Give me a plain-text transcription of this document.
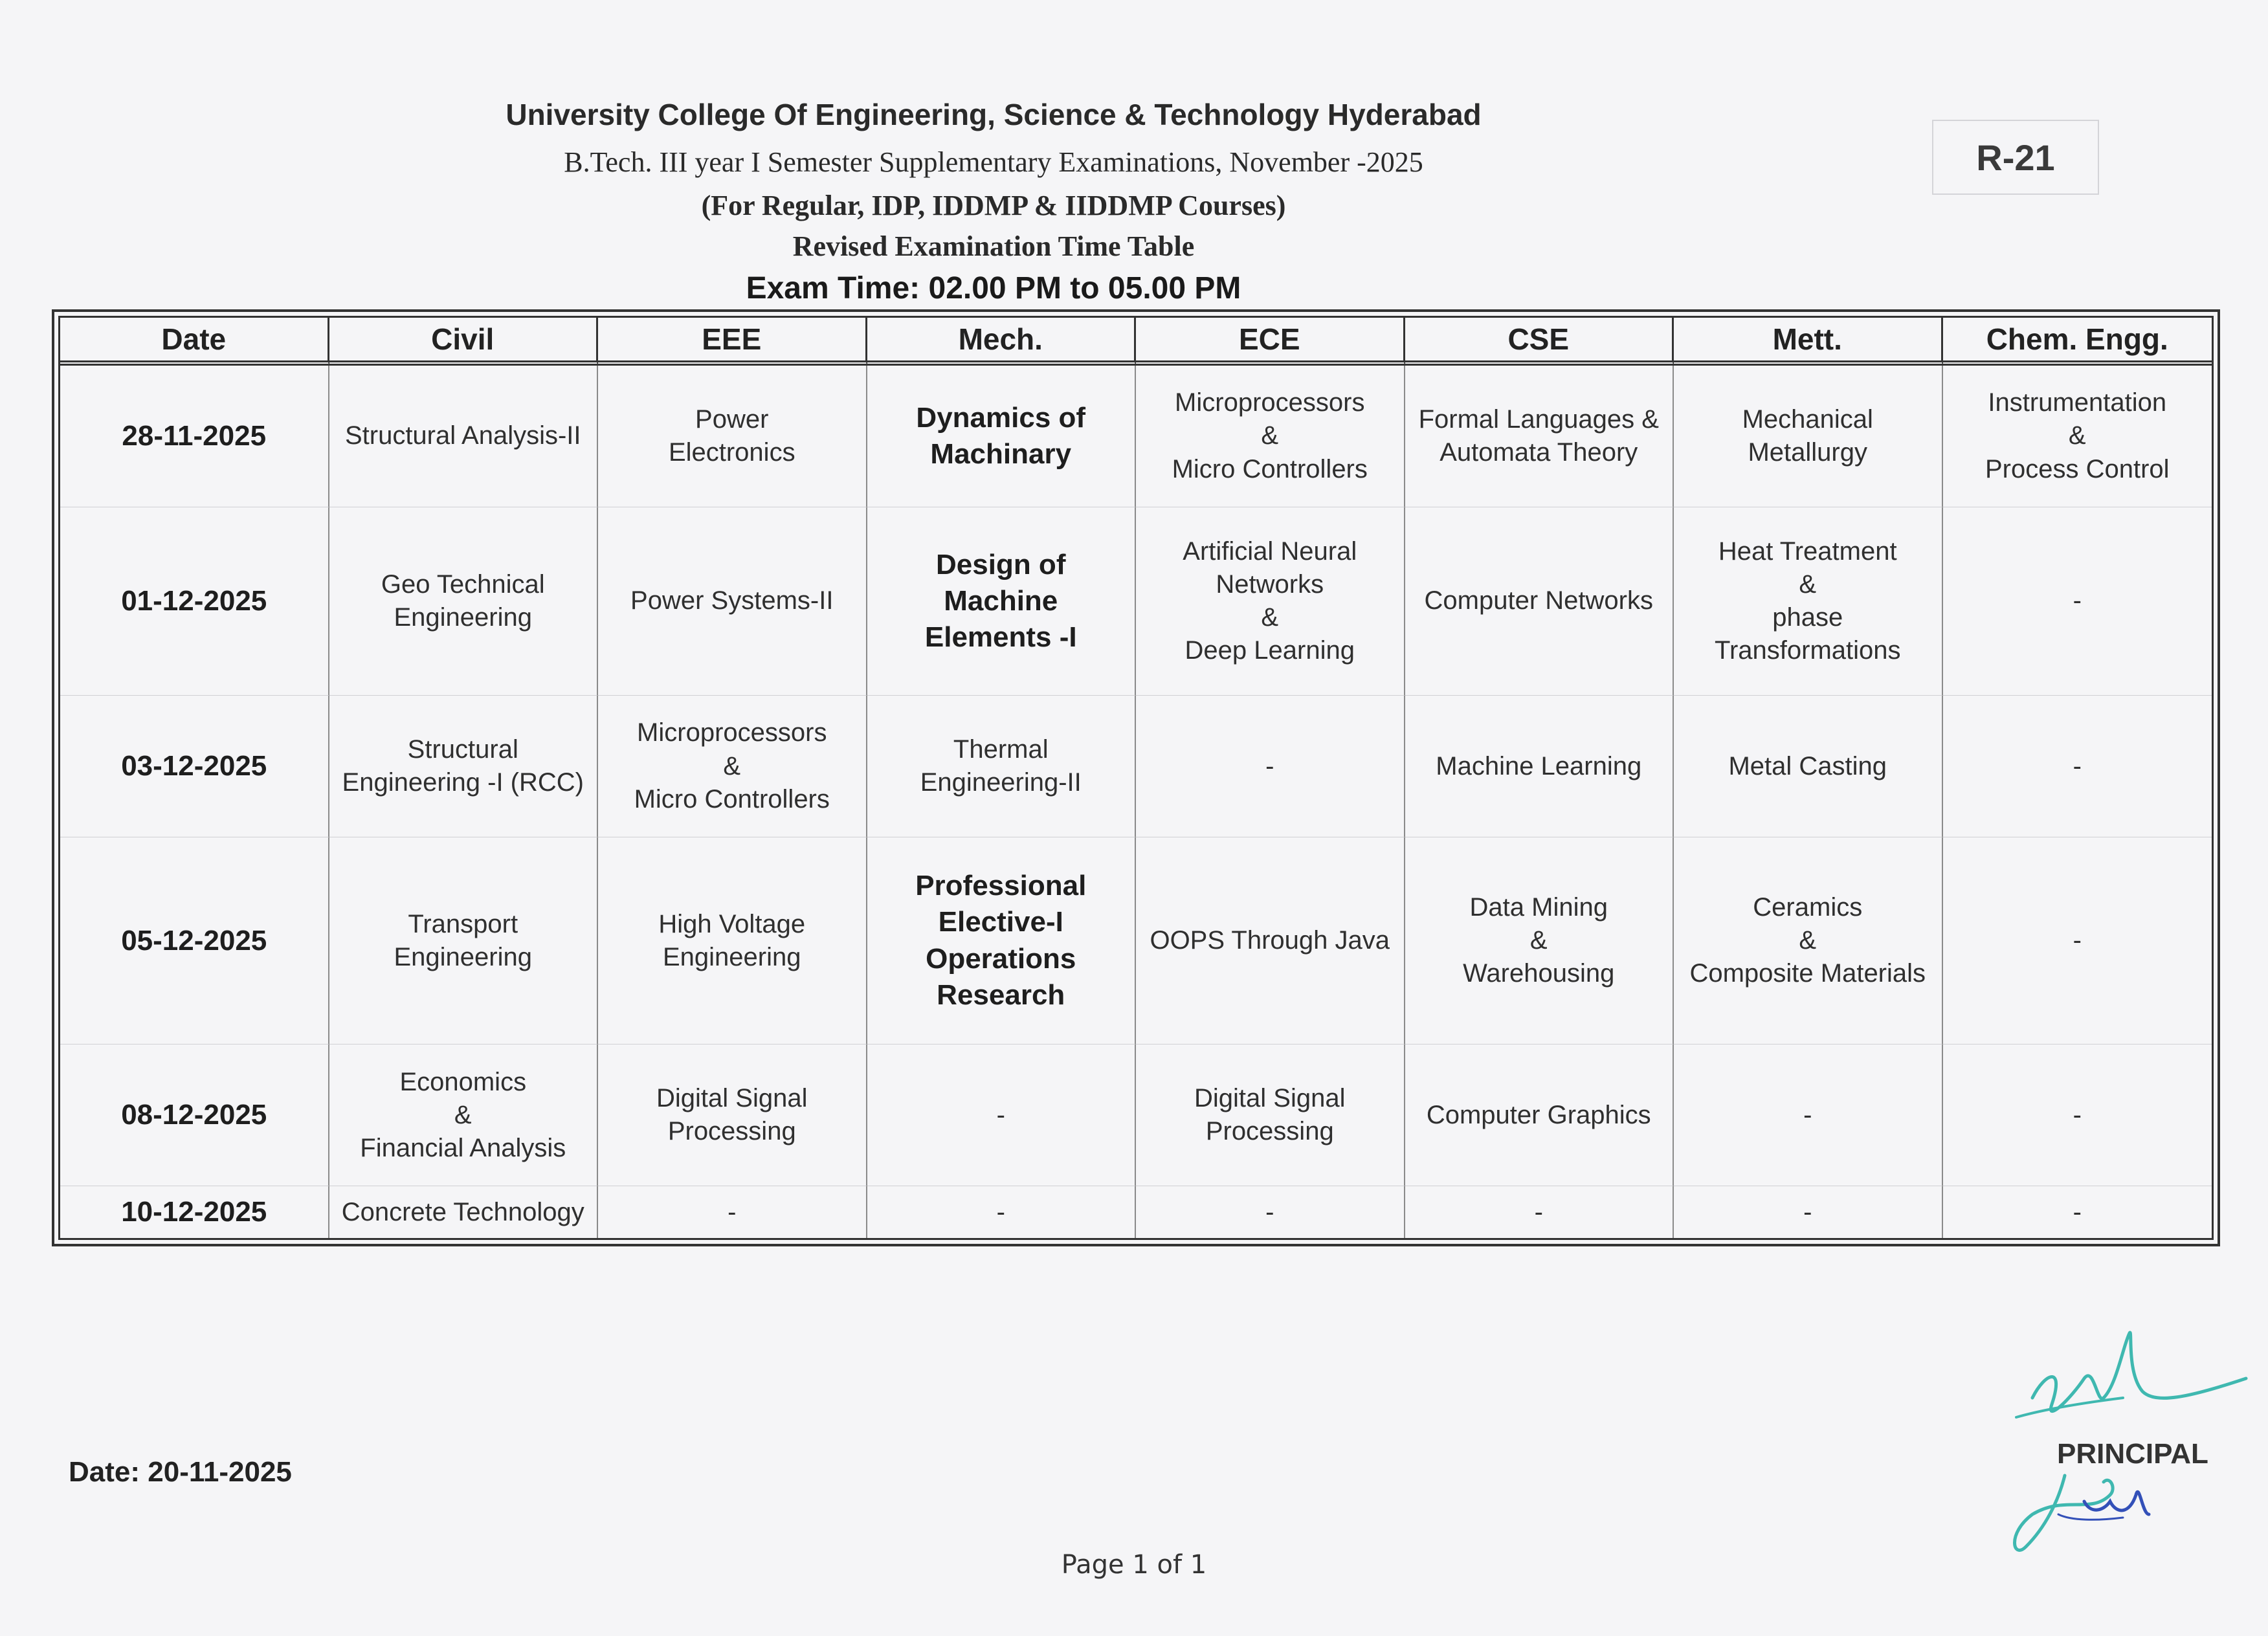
University College Of Engineering, Science & Technology Hyderabad
B.Tech. III year I Semester Supplementary Examinations, November -2025
(For Regular, IDP, IDDMP & IIDDMP Courses)
Revised Examination Time Table
Exam Time: 02.00 PM to 05.00 PM
R-21
Date	Civil	EEE	Mech.	ECE	CSE	Mett.	Chem. Engg.
28-11-2025	Structural Analysis-II	Power
Electronics	Dynamics of
Machinary	Microprocessors
&
Micro Controllers	Formal Languages &
Automata Theory	Mechanical
Metallurgy	Instrumentation
&
Process Control

01-12-2025	Geo Technical
Engineering	Power Systems-II	Design of
Machine
Elements -I	Artificial Neural
Networks
&
Deep Learning	Computer Networks	Heat Treatment
&
phase
Transformations	-

03-12-2025	Structural
Engineering -I (RCC)	Microprocessors
&
Micro Controllers	Thermal
Engineering-II	-	Machine Learning	Metal Casting	-

05-12-2025	Transport
Engineering	High Voltage
Engineering	Professional
Elective-I
Operations
Research	OOPS Through Java	Data Mining
&
Warehousing	Ceramics
&
Composite Materials	-

08-12-2025	Economics
&
Financial Analysis	Digital Signal
Processing	-	Digital Signal
Processing	Computer Graphics	-	-

10-12-2025	Concrete Technology	-	-	-	-	-	-
Date: 20-11-2025
PRINCIPAL
Page 1 of 1
